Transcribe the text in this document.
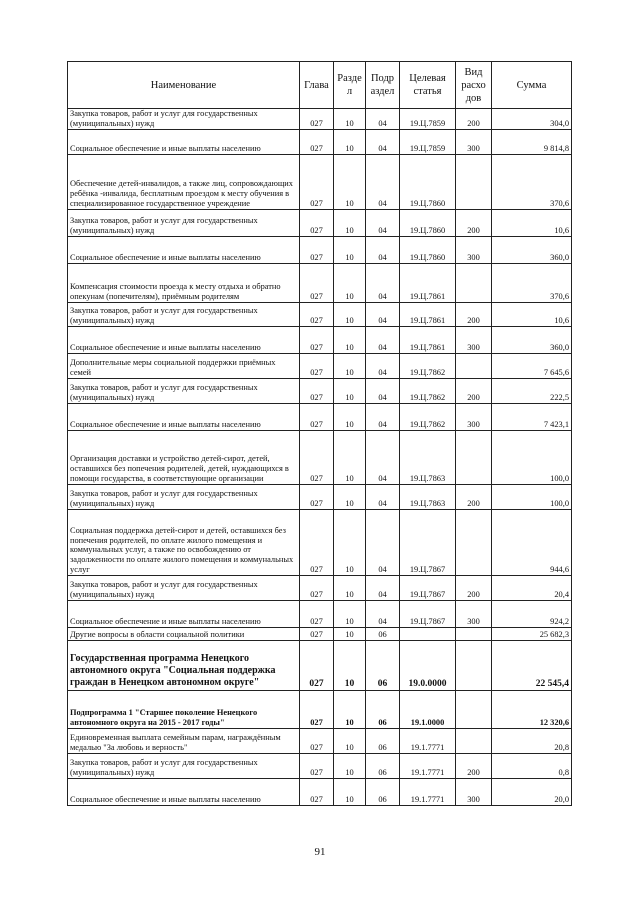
Наименование	Глава	Разде л	Подр аздел	Целевая статья	Вид расхо дов	Сумма
Закупка товаров, работ и услуг для государственных (муниципальных) нужд	027	10	04	19.Ц.7859	200	304,0
Социальное обеспечение и иные выплаты населению	027	10	04	19.Ц.7859	300	9 814,8
Обеспечение детей-инвалидов, а также лиц, сопровождающих ребёнка -инвалида, бесплатным проездом к месту обучения в специализированное государственное учреждение	027	10	04	19.Ц.7860		370,6
Закупка товаров, работ и услуг для государственных (муниципальных) нужд	027	10	04	19.Ц.7860	200	10,6
Социальное обеспечение и иные выплаты населению	027	10	04	19.Ц.7860	300	360,0
Компенсация стоимости проезда к месту отдыха и обратно опекунам (попечителям), приёмным родителям	027	10	04	19.Ц.7861		370,6
Закупка товаров, работ и услуг для государственных (муниципальных) нужд	027	10	04	19.Ц.7861	200	10,6
Социальное обеспечение и иные выплаты населению	027	10	04	19.Ц.7861	300	360,0
Дополнительные меры социальной поддержки приёмных семей	027	10	04	19.Ц.7862		7 645,6
Закупка товаров, работ и услуг для государственных (муниципальных) нужд	027	10	04	19.Ц.7862	200	222,5
Социальное обеспечение и иные выплаты населению	027	10	04	19.Ц.7862	300	7 423,1
Организация доставки и устройство детей-сирот, детей, оставшихся без попечения родителей, детей, нуждающихся в помощи государства, в соответствующие организации	027	10	04	19.Ц.7863		100,0
Закупка товаров, работ и услуг для государственных (муниципальных) нужд	027	10	04	19.Ц.7863	200	100,0
Социальная поддержка детей-сирот и детей, оставшихся без попечения родителей, по оплате жилого помещения и коммунальных услуг, а также по освобождению от задолженности по оплате жилого помещения и коммунальных услуг	027	10	04	19.Ц.7867		944,6
Закупка товаров, работ и услуг для государственных (муниципальных) нужд	027	10	04	19.Ц.7867	200	20,4
Социальное обеспечение и иные выплаты населению	027	10	04	19.Ц.7867	300	924,2
Другие вопросы в области социальной политики	027	10	06			25 682,3
Государственная программа Ненецкого автономного округа "Социальная поддержка граждан в Ненецком автономном округе"	027	10	06	19.0.0000		22 545,4
Подпрограмма 1 "Старшее поколение Ненецкого автономного округа на 2015 - 2017 годы"	027	10	06	19.1.0000		12 320,6
Единовременная выплата семейным парам, награждённым медалью "За любовь и верность"	027	10	06	19.1.7771		20,8
Закупка товаров, работ и услуг для государственных (муниципальных) нужд	027	10	06	19.1.7771	200	0,8
Социальное обеспечение и иные выплаты населению	027	10	06	19.1.7771	300	20,0
91
